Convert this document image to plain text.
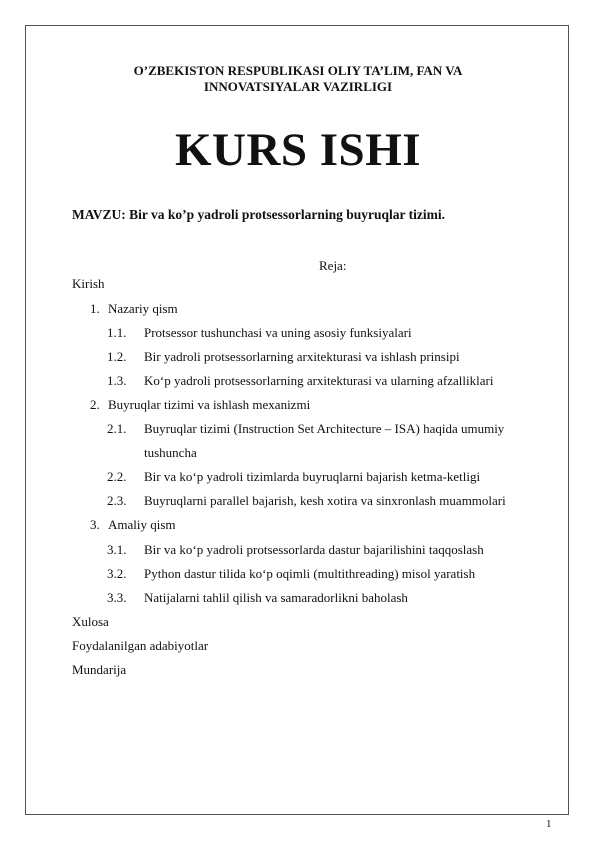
O’ZBEKISTON RESPUBLIKASI OLIY TA’LIM, FAN VA
INNOVATSIYALAR VAZIRLIGI
KURS ISHI
MAVZU: Bir va ko’p yadroli protsessorlarning buyruqlar tizimi.
Reja:
Kirish
1. Nazariy qism
1.1. Protsessor tushunchasi va uning asosiy funksiyalari
1.2. Bir yadroli protsessorlarning arxitekturasi va ishlash prinsipi
1.3. Ko‘p yadroli protsessorlarning arxitekturasi va ularning afzalliklari
2. Buyruqlar tizimi va ishlash mexanizmi
2.1. Buyruqlar tizimi (Instruction Set Architecture – ISA) haqida umumiy
tushuncha
2.2. Bir va ko‘p yadroli tizimlarda buyruqlarni bajarish ketma-ketligi
2.3. Buyruqlarni parallel bajarish, kesh xotira va sinxronlash muammolari
3. Amaliy qism
3.1. Bir va ko‘p yadroli protsessorlarda dastur bajarilishini taqqoslash
3.2. Python dastur tilida ko‘p oqimli (multithreading) misol yaratish
3.3. Natijalarni tahlil qilish va samaradorlikni baholash
Xulosa
Foydalanilgan adabiyotlar
Mundarija
1
